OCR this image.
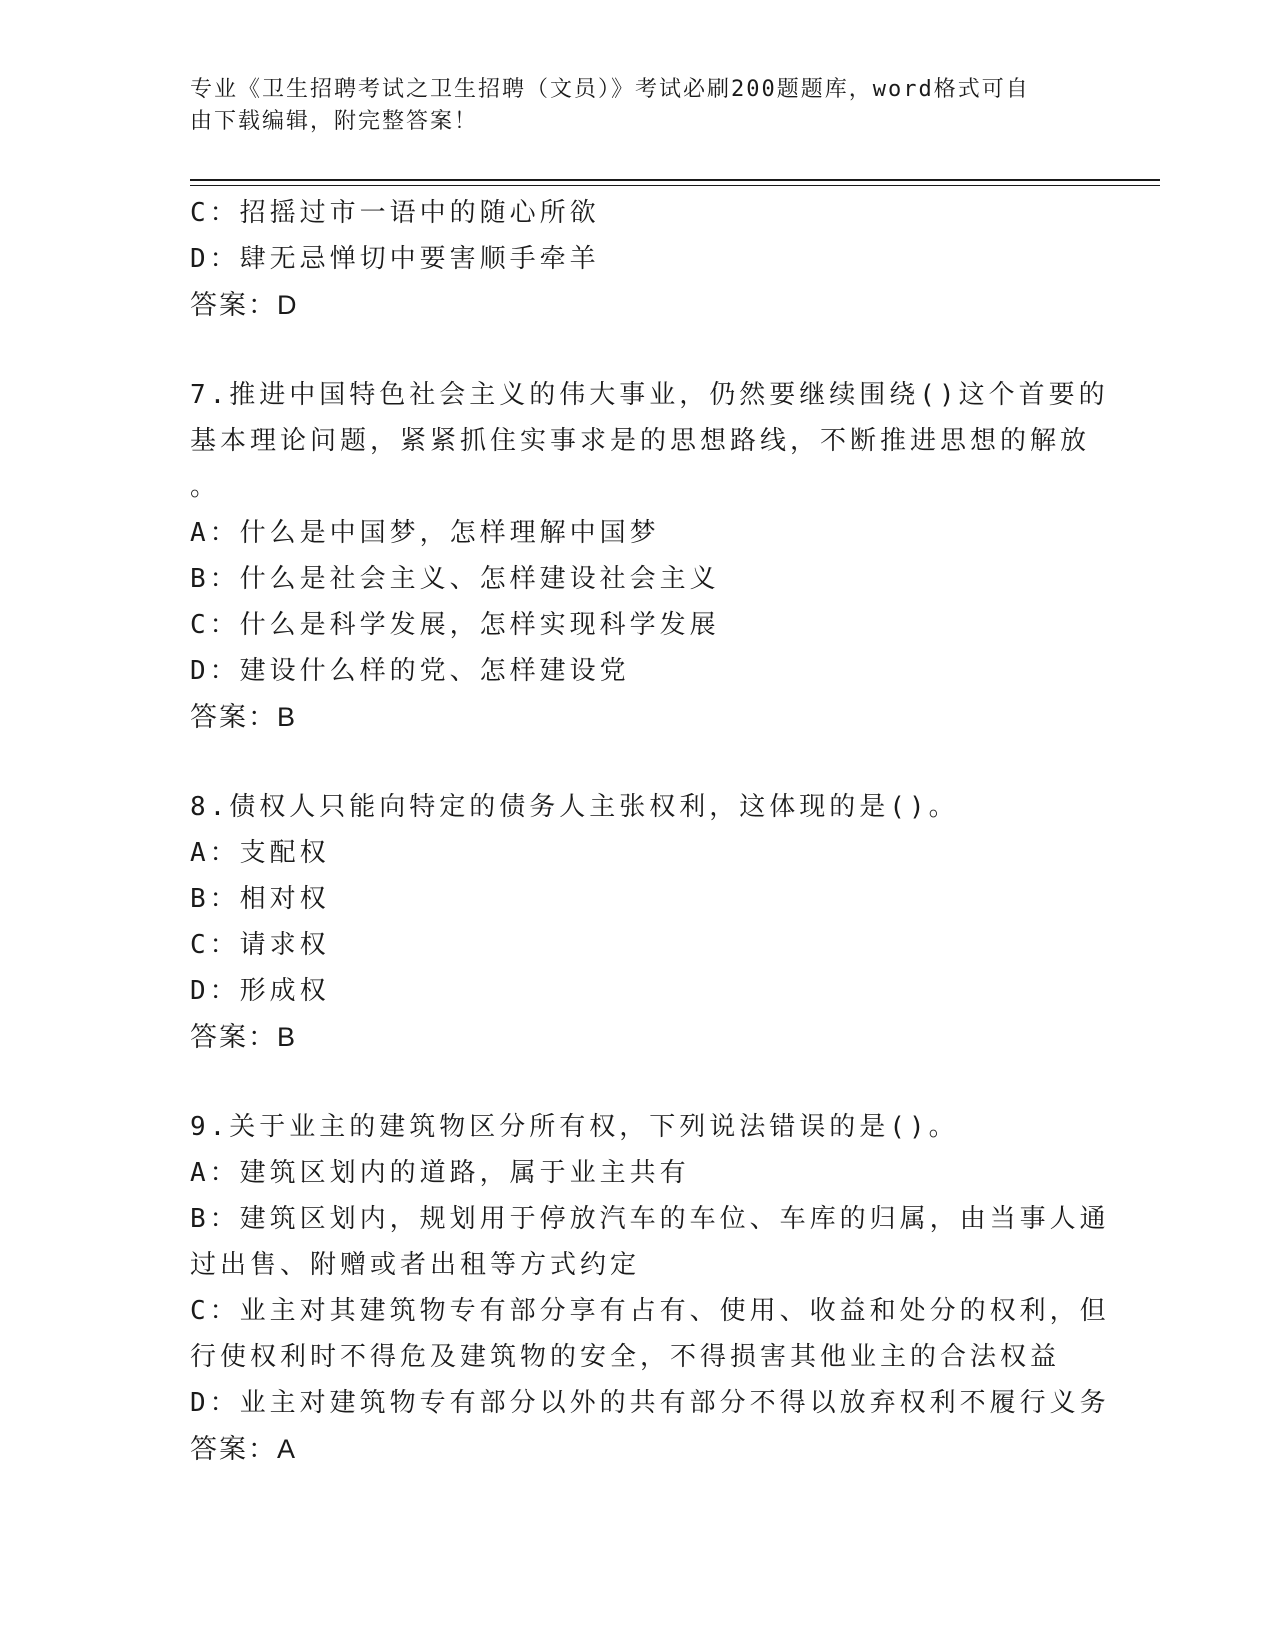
专业《卫生招聘考试之卫生招聘（文员）》考试必刷200题题库，word格式可自
由下载编辑，附完整答案！
C：招摇过市一语中的随心所欲
D：肆无忌惮切中要害顺手牵羊
答案：D
7.推进中国特色社会主义的伟大事业，仍然要继续围绕()这个首要的
基本理论问题，紧紧抓住实事求是的思想路线，不断推进思想的解放
。
A：什么是中国梦，怎样理解中国梦
B：什么是社会主义、怎样建设社会主义
C：什么是科学发展，怎样实现科学发展
D：建设什么样的党、怎样建设党
答案：B
8.债权人只能向特定的债务人主张权利，这体现的是()。
A：支配权
B：相对权
C：请求权
D：形成权
答案：B
9.关于业主的建筑物区分所有权，下列说法错误的是()。
A：建筑区划内的道路，属于业主共有
B：建筑区划内，规划用于停放汽车的车位、车库的归属，由当事人通
过出售、附赠或者出租等方式约定
C：业主对其建筑物专有部分享有占有、使用、收益和处分的权利，但
行使权利时不得危及建筑物的安全，不得损害其他业主的合法权益
D：业主对建筑物专有部分以外的共有部分不得以放弃权利不履行义务
答案：A
